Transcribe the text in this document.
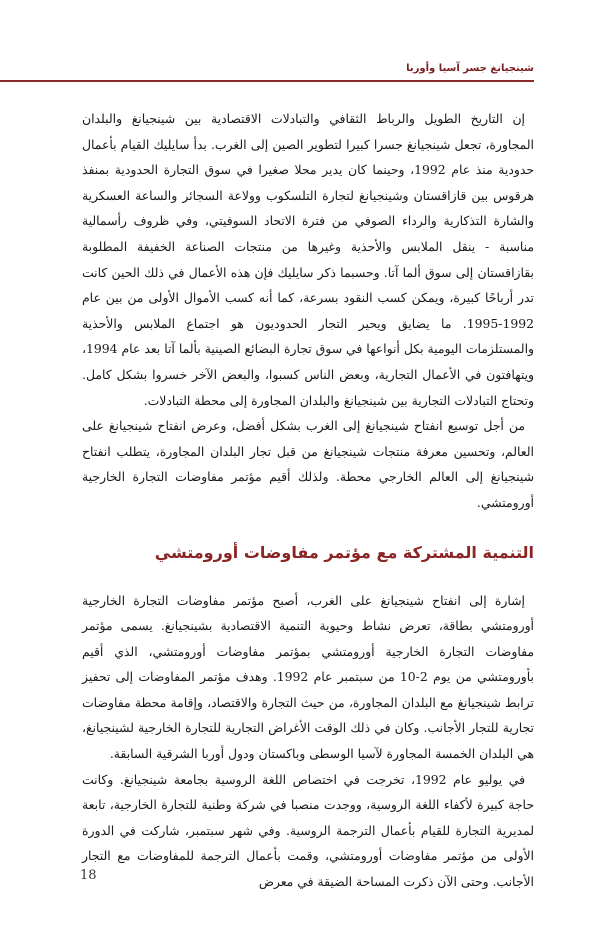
شينجيانغ جسر آسيا وأوربا

إن التاريخ الطويل والرباط الثقافي والتبادلات الاقتصادية بين شينجيانغ والبلدان المجاورة، تجعل شينجيانغ جسرا كبيرا لتطوير الصين إلى الغرب. بدأ سايليك القيام بأعمال حدودية منذ عام 1992، وحينما كان يدير محلا صغيرا في سوق التجارة الحدودية بمنفذ هرقوس بين قازاقستان وشينجيانغ لتجارة التلسكوب وولاعة السجائر والساعة العسكرية والشارة التذكارية والرداء الصوفي من فترة الاتحاد السوفيتي، وفي ظروف رأسمالية مناسبة - ينقل الملابس والأحذية وغيرها من منتجات الصناعة الخفيفة المطلوبة بقازاقستان إلى سوق ألما آتا. وحسبما ذكر سايليك فإن هذه الأعمال في ذلك الحين كانت تدر أرباحًا كبيرة، ويمكن كسب النقود بسرعة، كما أنه كسب الأموال الأولى من بين عام 1992-1995. ما يضايق ويحير التجار الحدوديون هو اجتماع الملابس والأحذية والمستلزمات اليومية بكل أنواعها في سوق تجارة البضائع الصينية بألما آتا بعد عام 1994، ويتهافتون في الأعمال التجارية، وبعض الناس كسبوا، والبعض الآخر خسروا بشكل كامل. وتحتاج التبادلات التجارية بين شينجيانغ والبلدان المجاورة إلى محطة التبادلات.

من أجل توسيع انفتاح شينجيانغ إلى الغرب بشكل أفضل، وعرض انفتاح شينجيانغ على العالم، وتحسين معرفة منتجات شينجيانغ من قبل تجار البلدان المجاورة، يتطلب انفتاح شينجيانغ إلى العالم الخارجي محطة. ولذلك أقيم مؤتمر مفاوضات التجارة الخارجية أورومتشي.

التنمية المشتركة مع مؤتمر مفاوضات أورومتشي

إشارة إلى انفتاح شينجيانغ على الغرب، أصبح مؤتمر مفاوضات التجارة الخارجية أورومتشي بطاقة، تعرض نشاط وحيوية التنمية الاقتصادية بشينجيانغ. يسمى مؤتمر مفاوضات التجارة الخارجية أورومتشي بمؤتمر مفاوضات أورومتشي، الذي أقيم بأورومتشي من يوم 2-10 من سبتمبر عام 1992. وهدف مؤتمر المفاوضات إلى تحفيز ترابط شينجيانغ مع البلدان المجاورة، من حيث التجارة والاقتصاد، وإقامة محطة مفاوضات تجارية للتجار الأجانب. وكان في ذلك الوقت الأغراض التجارية للتجارة الخارجية لشينجيانغ، هي البلدان الخمسة المجاورة لآسيا الوسطى وباكستان ودول أوربا الشرقية السابقة.

في يوليو عام 1992، تخرجت في اختصاص اللغة الروسية بجامعة شينجيانغ. وكانت حاجة كبيرة لأكفاء اللغة الروسية، ووجدت منصبا في شركة وطنية للتجارة الخارجية، تابعة لمديرية التجارة للقيام بأعمال الترجمة الروسية. وفي شهر سبتمبر، شاركت في الدورة الأولى من مؤتمر مفاوضات أورومتشي، وقمت بأعمال الترجمة للمفاوضات مع التجار الأجانب. وحتى الآن ذكرت المساحة الضيقة في معرض

18
